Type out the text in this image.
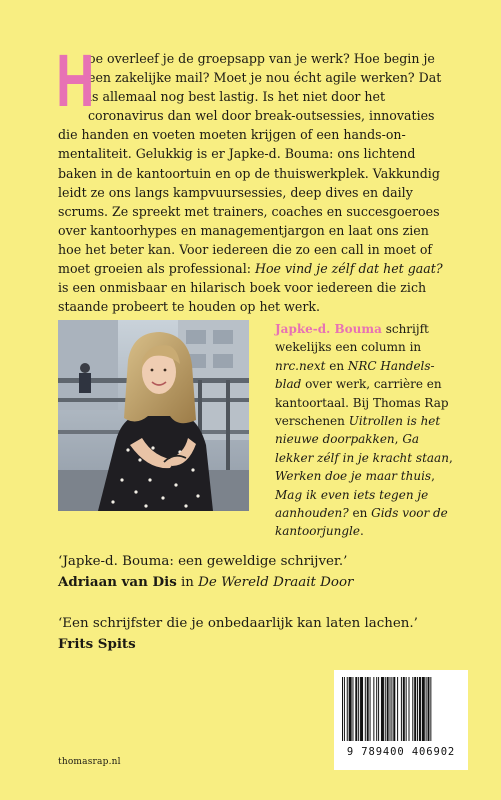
H
oe overleef je de groepsapp van je werk? Hoe begin je een zakelijke mail? Moet je nou écht agile werken? Dat is allemaal nog best lastig. Is het niet door het coronavirus dan wel door break-outsessies, innovaties die handen en voeten moeten krijgen of een hands-on-mentaliteit. Gelukkig is er Japke-d. Bouma: ons lichtend baken in de kantoortuin en op de thuiswerkplek. Vakkundig leidt ze ons langs kampvuursessies, deep dives en daily scrums. Ze spreekt met trainers, coaches en succesgoeroes over kantoorhypes en managementjargon en laat ons zien hoe het beter kan. Voor iedereen die zo een call in moet of moet groeien als professional: Hoe vind je zélf dat het gaat? is een onmisbaar en hilarisch boek voor iedereen die zich staande probeert te houden op het werk.
Japke-d. Bouma schrijft wekelijks een column in nrc.next en NRC Handels-blad over werk, carrière en kantoortaal. Bij Thomas Rap verschenen Uitrollen is het nieuwe doorpakken, Ga lekker zélf in je kracht staan, Werken doe je maar thuis, Mag ik even iets tegen je aanhouden? en Gids voor de kantoorjungle.
‘Japke-d. Bouma: een geweldige schrijver.’
Adriaan van Dis in De Wereld Draait Door
‘Een schrijfster die je onbedaarlijk kan laten lachen.’
Frits Spits
9 789400 406902
thomasrap.nl
